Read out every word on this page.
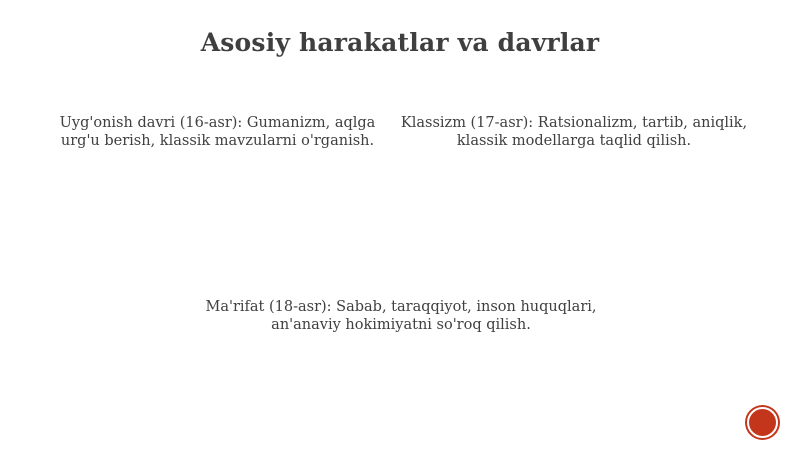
Asosiy harakatlar va davrlar
Uyg'onish davri (16-asr): Gumanizm, aqlga urg'u berish, klassik mavzularni o'rganish.
Klassizm (17-asr): Ratsionalizm, tartib, aniqlik, klassik modellarga taqlid qilish.
Ma'rifat (18-asr): Sabab, taraqqiyot, inson huquqlari, an'anaviy hokimiyatni so'roq qilish.
